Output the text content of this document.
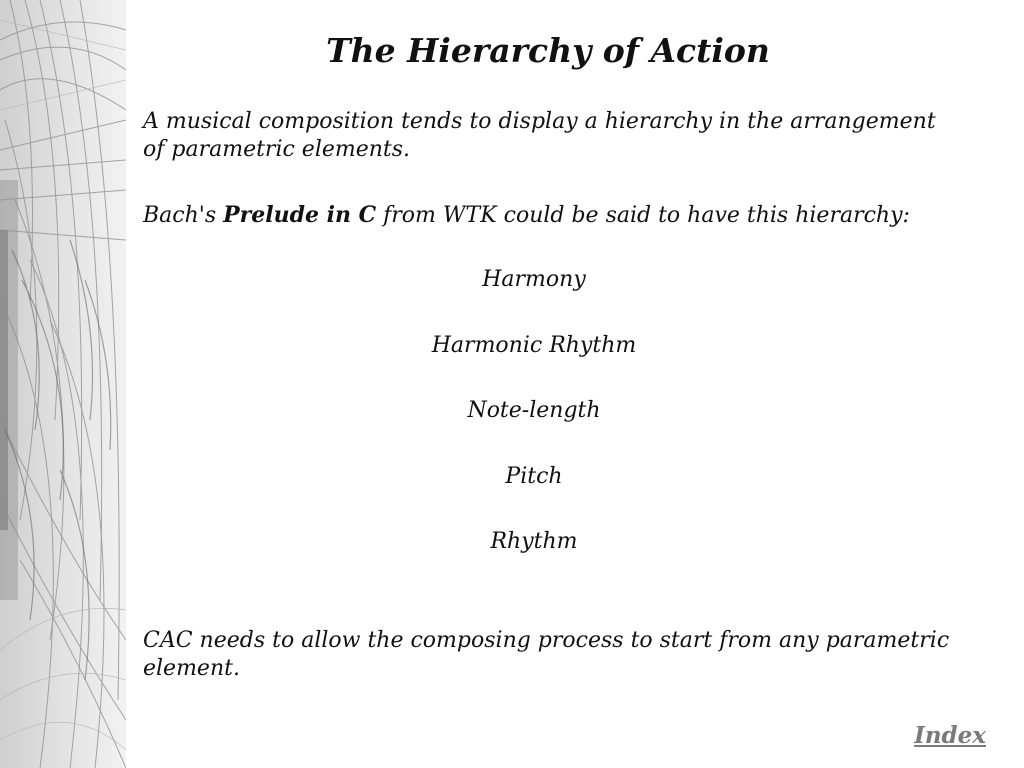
The Hierarchy of Action

A musical composition tends to display a hierarchy in the arrangement of parametric elements.

Bach's Prelude in C from WTK could be said to have this hierarchy:

Harmony
Harmonic Rhythm
Note-length
Pitch
Rhythm

CAC needs to allow the composing process to start from any parametric element.

Index
